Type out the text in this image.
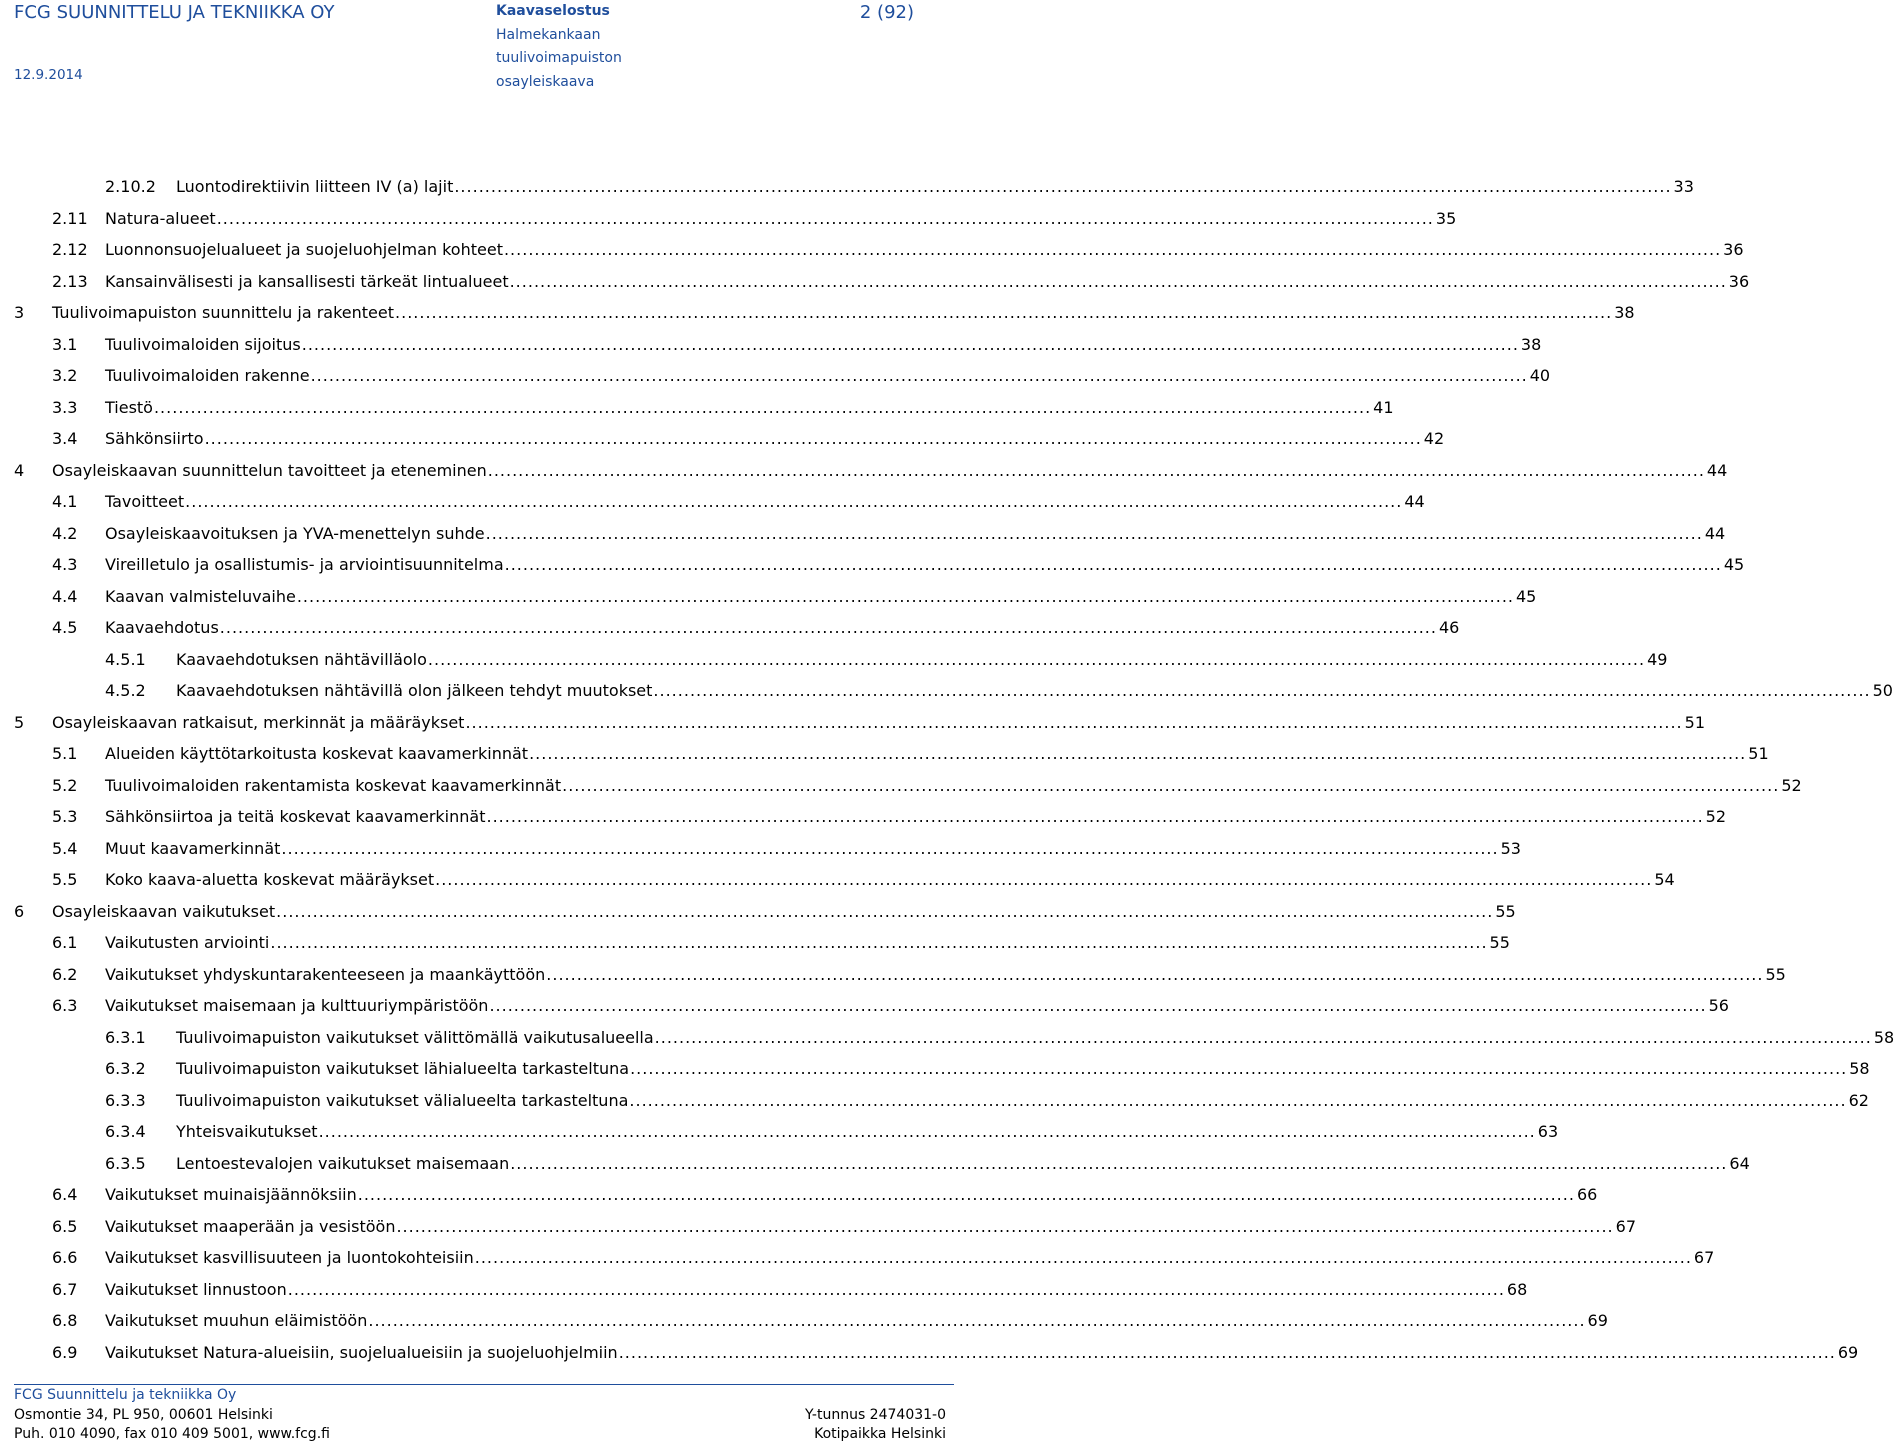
FCG SUUNNITTELU JA TEKNIIKKA OY
12.9.2014
Kaavaselostus
Halmekankaan
tuulivoimapuiston
osayleiskaava
2 (92)
2.10.2	Luontodirektiivin liitteen IV (a) lajit ........................................................................................................................................................................................................ 33
2.11	Natura-alueet ........................................................................................................................................................................................................ 35
2.12	Luonnonsuojelualueet ja suojeluohjelman kohteet ........................................................................................................................................................................................................ 36
2.13	Kansainvälisesti ja kansallisesti tärkeät lintualueet ........................................................................................................................................................................................................ 36
3	Tuulivoimapuiston suunnittelu ja rakenteet ........................................................................................................................................................................................................ 38
3.1	Tuulivoimaloiden sijoitus ........................................................................................................................................................................................................ 38
3.2	Tuulivoimaloiden rakenne ........................................................................................................................................................................................................ 40
3.3	Tiestö ........................................................................................................................................................................................................ 41
3.4	Sähkönsiirto ........................................................................................................................................................................................................ 42
4	Osayleiskaavan suunnittelun tavoitteet ja eteneminen ........................................................................................................................................................................................................ 44
4.1	Tavoitteet ........................................................................................................................................................................................................ 44
4.2	Osayleiskaavoituksen ja YVA-menettelyn suhde ........................................................................................................................................................................................................ 44
4.3	Vireilletulo ja osallistumis- ja arviointisuunnitelma ........................................................................................................................................................................................................ 45
4.4	Kaavan valmisteluvaihe ........................................................................................................................................................................................................ 45
4.5	Kaavaehdotus ........................................................................................................................................................................................................ 46
4.5.1	Kaavaehdotuksen nähtävilläolo ........................................................................................................................................................................................................ 49
4.5.2	Kaavaehdotuksen nähtävillä olon jälkeen tehdyt muutokset ........................................................................................................................................................................................................ 50
5	Osayleiskaavan ratkaisut, merkinnät ja määräykset ........................................................................................................................................................................................................ 51
5.1	Alueiden käyttötarkoitusta koskevat kaavamerkinnät ........................................................................................................................................................................................................ 51
5.2	Tuulivoimaloiden rakentamista koskevat kaavamerkinnät ........................................................................................................................................................................................................ 52
5.3	Sähkönsiirtoa ja teitä koskevat kaavamerkinnät ........................................................................................................................................................................................................ 52
5.4	Muut kaavamerkinnät ........................................................................................................................................................................................................ 53
5.5	Koko kaava-aluetta koskevat määräykset ........................................................................................................................................................................................................ 54
6	Osayleiskaavan vaikutukset ........................................................................................................................................................................................................ 55
6.1	Vaikutusten arviointi ........................................................................................................................................................................................................ 55
6.2	Vaikutukset yhdyskuntarakenteeseen ja maankäyttöön ........................................................................................................................................................................................................ 55
6.3	Vaikutukset maisemaan ja kulttuuriympäristöön ........................................................................................................................................................................................................ 56
6.3.1	Tuulivoimapuiston vaikutukset välittömällä vaikutusalueella ........................................................................................................................................................................................................ 58
6.3.2	Tuulivoimapuiston vaikutukset lähialueelta tarkasteltuna ........................................................................................................................................................................................................ 58
6.3.3	Tuulivoimapuiston vaikutukset välialueelta tarkasteltuna ........................................................................................................................................................................................................ 62
6.3.4	Yhteisvaikutukset ........................................................................................................................................................................................................ 63
6.3.5	Lentoestevalojen vaikutukset maisemaan ........................................................................................................................................................................................................ 64
6.4	Vaikutukset muinaisjäännöksiin ........................................................................................................................................................................................................ 66
6.5	Vaikutukset maaperään ja vesistöön ........................................................................................................................................................................................................ 67
6.6	Vaikutukset kasvillisuuteen ja luontokohteisiin ........................................................................................................................................................................................................ 67
6.7	Vaikutukset linnustoon ........................................................................................................................................................................................................ 68
6.8	Vaikutukset muuhun eläimistöön ........................................................................................................................................................................................................ 69
6.9	Vaikutukset Natura-alueisiin, suojelualueisiin ja suojeluohjelmiin ........................................................................................................................................................................................................ 69
FCG Suunnittelu ja tekniikka Oy
Osmontie 34, PL 950, 00601 Helsinki
Puh. 010 4090, fax 010 409 5001, www.fcg.fi
Y-tunnus 2474031-0
Kotipaikka Helsinki
